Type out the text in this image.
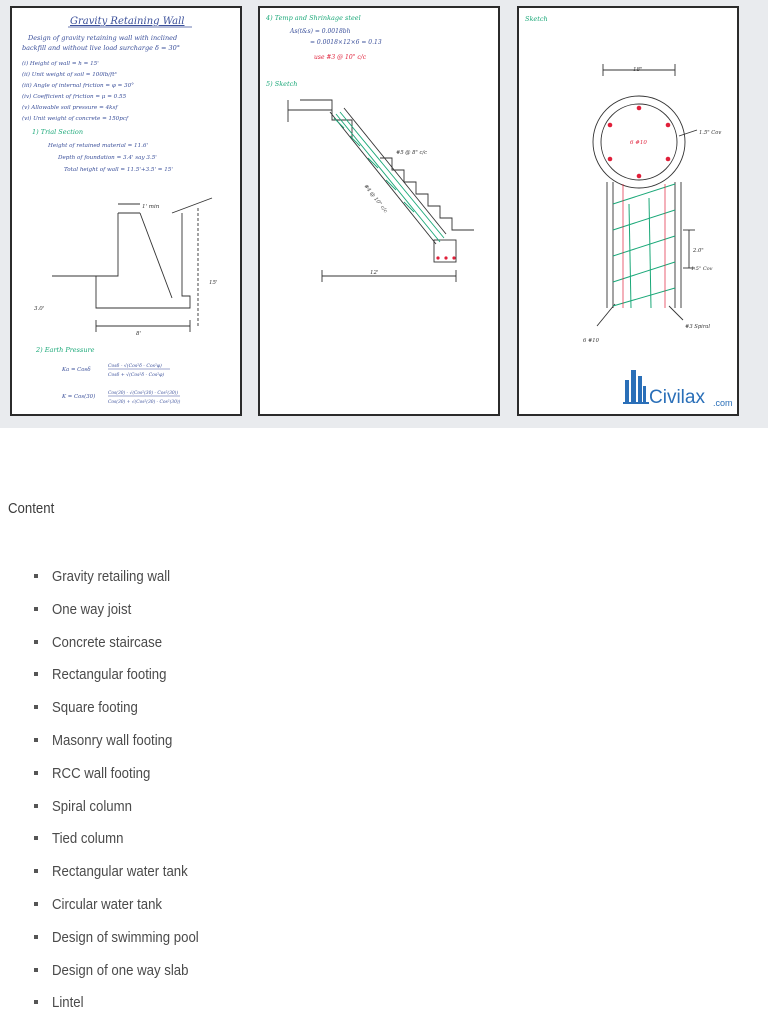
Gravity Retaining Wall
Design of gravity retaining wall with inclined
backfill and without live load surcharge δ = 30°
(i) Height of wall = h = 15'
(ii) Unit weight of soil = 100lb/ft³
(iii) Angle of internal friction = φ = 30°
(iv) Coefficient of friction = μ = 0.55
(v) Allowable soil pressure = 4ksf
(vi) Unit weight of concrete = 150pcf
1) Trial Section
Height of retained material = 11.6'
Depth of foundation = 3.4' say 3.5'
Total height of wall = 11.5'+3.5' = 15'
1' min
15'
3.0'
8'
2) Earth Pressure
Ka = Cosδ
Cosδ - √(Cos²δ - Cos²φ)
Cosδ + √(Cos²δ - Cos²φ)
K = Cos(30)
Cos(30) - √(Cos²(30) - Cos²(30))
Cos(30) + √(Cos²(30) - Cos²(30))
4) Temp and Shrinkage steel
As(t&s) = 0.0018bh
= 0.0018×12×6 = 0.13
use #3 @ 10" c/c
5) Sketch
#5 @ 8" c/c
#4 @ 10" c/c
12'
Sketch
18"
6 #10
1.5" Cov
2.0"
1.5" Cov
6 #10
#3 Spiral
Civilax .com
Content
Gravity retailing wall
One way joist
Concrete staircase
Rectangular footing
Square footing
Masonry wall footing
RCC wall footing
Spiral column
Tied column
Rectangular water tank
Circular water tank
Design of swimming pool
Design of one way slab
Lintel
